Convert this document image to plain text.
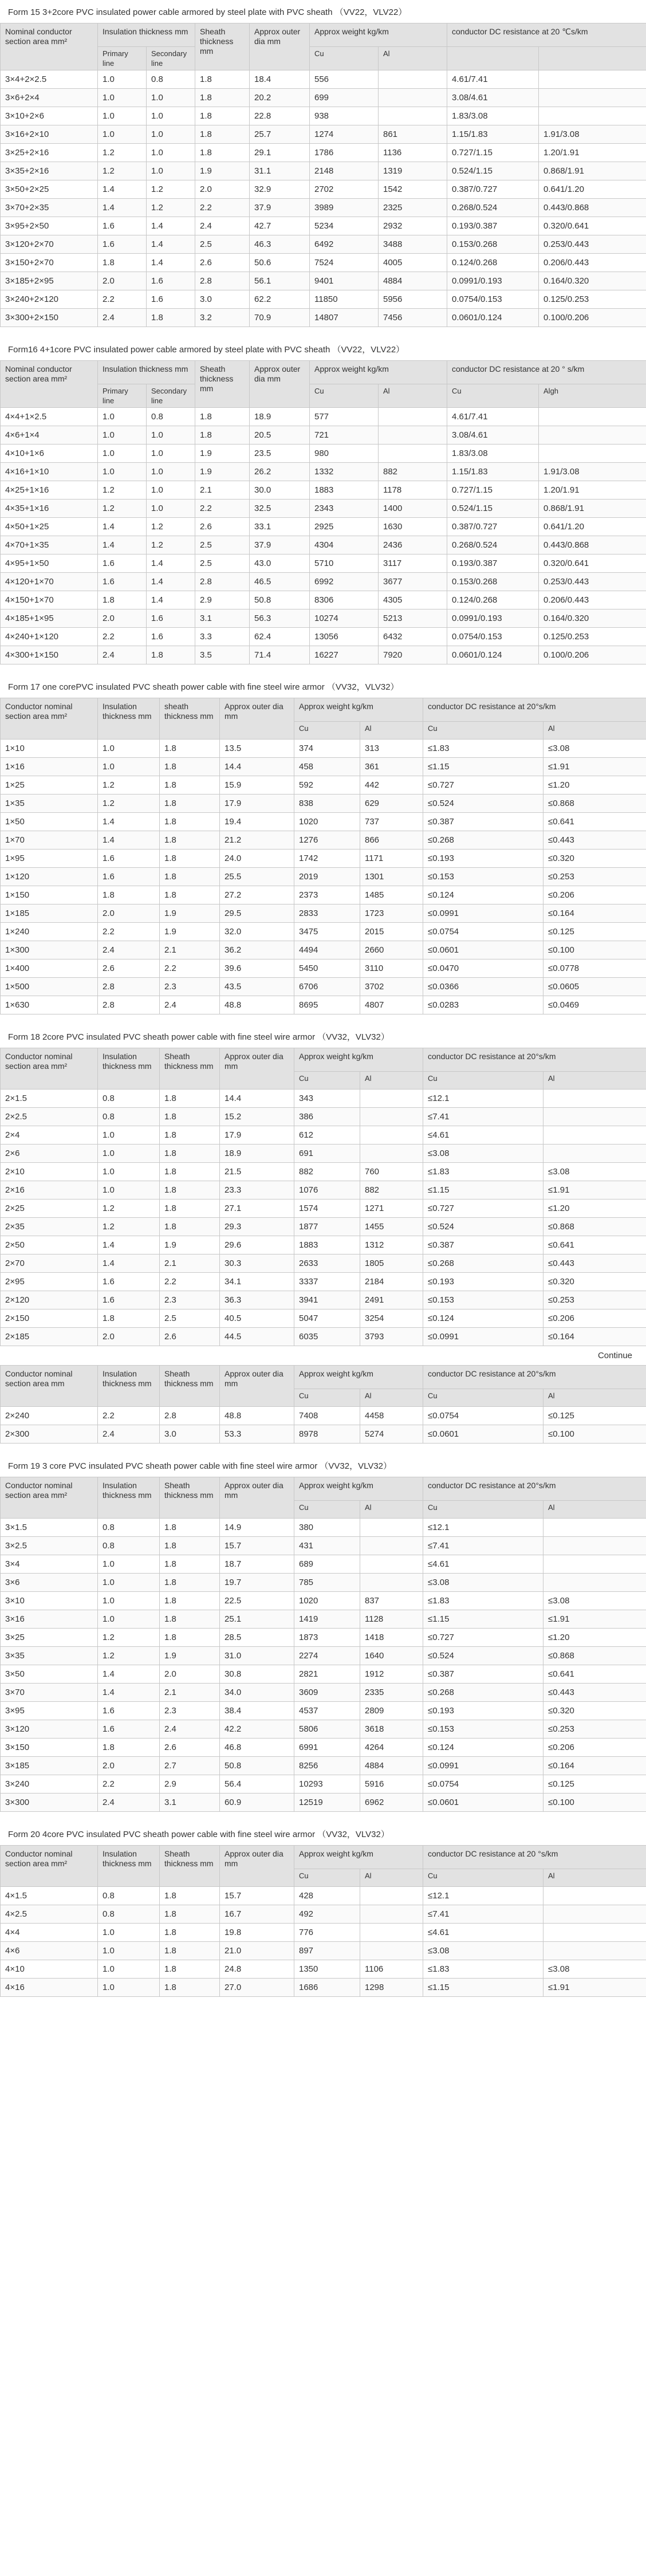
Form 15 3+2core PVC insulated power cable armored by steel plate with PVC sheath （VV22，VLV22）
Nominal conductor section area mm²	Insulation thickness mm		Sheath thickness mm	Approx outer dia mm	Approx weight kg/km		conductor DC resistance at 20 ℃s/km	
	Primary line	Secondary line			Cu	Al		
3×4+2×2.5	1.0	0.8	1.8	18.4	556		4.61/7.41	
3×6+2×4	1.0	1.0	1.8	20.2	699		3.08/4.61	
3×10+2×6	1.0	1.0	1.8	22.8	938		1.83/3.08	
3×16+2×10	1.0	1.0	1.8	25.7	1274	861	1.15/1.83	1.91/3.08
3×25+2×16	1.2	1.0	1.8	29.1	1786	1136	0.727/1.15	1.20/1.91
3×35+2×16	1.2	1.0	1.9	31.1	2148	1319	0.524/1.15	0.868/1.91
3×50+2×25	1.4	1.2	2.0	32.9	2702	1542	0.387/0.727	0.641/1.20
3×70+2×35	1.4	1.2	2.2	37.9	3989	2325	0.268/0.524	0.443/0.868
3×95+2×50	1.6	1.4	2.4	42.7	5234	2932	0.193/0.387	0.320/0.641
3×120+2×70	1.6	1.4	2.5	46.3	6492	3488	0.153/0.268	0.253/0.443
3×150+2×70	1.8	1.4	2.6	50.6	7524	4005	0.124/0.268	0.206/0.443
3×185+2×95	2.0	1.6	2.8	56.1	9401	4884	0.0991/0.193	0.164/0.320
3×240+2×120	2.2	1.6	3.0	62.2	11850	5956	0.0754/0.153	0.125/0.253
3×300+2×150	2.4	1.8	3.2	70.9	14807	7456	0.0601/0.124	0.100/0.206
Form16 4+1core PVC insulated power cable armored by steel plate with PVC sheath （VV22，VLV22）
Nominal conductor section area mm²	Insulation thickness mm		Sheath thickness mm	Approx outer dia mm	Approx weight kg/km		conductor DC resistance at 20 ° s/km	
	Primary line	Secondary line			Cu	Al	Cu	Algh
4×4+1×2.5	1.0	0.8	1.8	18.9	577		4.61/7.41	
4×6+1×4	1.0	1.0	1.8	20.5	721		3.08/4.61	
4×10+1×6	1.0	1.0	1.9	23.5	980		1.83/3.08	
4×16+1×10	1.0	1.0	1.9	26.2	1332	882	1.15/1.83	1.91/3.08
4×25+1×16	1.2	1.0	2.1	30.0	1883	1178	0.727/1.15	1.20/1.91
4×35+1×16	1.2	1.0	2.2	32.5	2343	1400	0.524/1.15	0.868/1.91
4×50+1×25	1.4	1.2	2.6	33.1	2925	1630	0.387/0.727	0.641/1.20
4×70+1×35	1.4	1.2	2.5	37.9	4304	2436	0.268/0.524	0.443/0.868
4×95+1×50	1.6	1.4	2.5	43.0	5710	3117	0.193/0.387	0.320/0.641
4×120+1×70	1.6	1.4	2.8	46.5	6992	3677	0.153/0.268	0.253/0.443
4×150+1×70	1.8	1.4	2.9	50.8	8306	4305	0.124/0.268	0.206/0.443
4×185+1×95	2.0	1.6	3.1	56.3	10274	5213	0.0991/0.193	0.164/0.320
4×240+1×120	2.2	1.6	3.3	62.4	13056	6432	0.0754/0.153	0.125/0.253
4×300+1×150	2.4	1.8	3.5	71.4	16227	7920	0.0601/0.124	0.100/0.206
Form 17 one corePVC insulated PVC sheath power cable with fine steel wire armor （VV32，VLV32）
Conductor nominal section area mm²	Insulation thickness mm	sheath thickness mm	Approx outer dia mm	Approx weight kg/km		conductor DC resistance at 20°s/km	
				Cu	Al	Cu	Al
1×10	1.0	1.8	13.5	374	313	≤1.83	≤3.08
1×16	1.0	1.8	14.4	458	361	≤1.15	≤1.91
1×25	1.2	1.8	15.9	592	442	≤0.727	≤1.20
1×35	1.2	1.8	17.9	838	629	≤0.524	≤0.868
1×50	1.4	1.8	19.4	1020	737	≤0.387	≤0.641
1×70	1.4	1.8	21.2	1276	866	≤0.268	≤0.443
1×95	1.6	1.8	24.0	1742	1171	≤0.193	≤0.320
1×120	1.6	1.8	25.5	2019	1301	≤0.153	≤0.253
1×150	1.8	1.8	27.2	2373	1485	≤0.124	≤0.206
1×185	2.0	1.9	29.5	2833	1723	≤0.0991	≤0.164
1×240	2.2	1.9	32.0	3475	2015	≤0.0754	≤0.125
1×300	2.4	2.1	36.2	4494	2660	≤0.0601	≤0.100
1×400	2.6	2.2	39.6	5450	3110	≤0.0470	≤0.0778
1×500	2.8	2.3	43.5	6706	3702	≤0.0366	≤0.0605
1×630	2.8	2.4	48.8	8695	4807	≤0.0283	≤0.0469
Form 18 2core PVC insulated PVC sheath power cable with fine steel wire armor （VV32，VLV32）
Conductor nominal section area mm²	Insulation thickness mm	Sheath thickness mm	Approx outer dia mm	Approx weight kg/km		conductor DC resistance at 20°s/km	
				Cu	Al	Cu	Al
2×1.5	0.8	1.8	14.4	343		≤12.1	
2×2.5	0.8	1.8	15.2	386		≤7.41	
2×4	1.0	1.8	17.9	612		≤4.61	
2×6	1.0	1.8	18.9	691		≤3.08	
2×10	1.0	1.8	21.5	882	760	≤1.83	≤3.08
2×16	1.0	1.8	23.3	1076	882	≤1.15	≤1.91
2×25	1.2	1.8	27.1	1574	1271	≤0.727	≤1.20
2×35	1.2	1.8	29.3	1877	1455	≤0.524	≤0.868
2×50	1.4	1.9	29.6	1883	1312	≤0.387	≤0.641
2×70	1.4	2.1	30.3	2633	1805	≤0.268	≤0.443
2×95	1.6	2.2	34.1	3337	2184	≤0.193	≤0.320
2×120	1.6	2.3	36.3	3941	2491	≤0.153	≤0.253
2×150	1.8	2.5	40.5	5047	3254	≤0.124	≤0.206
2×185	2.0	2.6	44.5	6035	3793	≤0.0991	≤0.164
Continue
Conductor nominal section area mm	Insulation thickness mm	Sheath thickness mm	Approx outer dia mm	Approx weight kg/km		conductor DC resistance at 20°s/km	
				Cu	Al	Cu	Al
2×240	2.2	2.8	48.8	7408	4458	≤0.0754	≤0.125
2×300	2.4	3.0	53.3	8978	5274	≤0.0601	≤0.100
Form 19 3 core PVC insulated PVC sheath power cable with fine steel wire armor （VV32，VLV32）
Conductor nominal section area mm²	Insulation thickness mm	Sheath thickness mm	Approx outer dia mm	Approx weight kg/km		conductor DC resistance at 20°s/km	
				Cu	Al	Cu	Al
3×1.5	0.8	1.8	14.9	380		≤12.1	
3×2.5	0.8	1.8	15.7	431		≤7.41	
3×4	1.0	1.8	18.7	689		≤4.61	
3×6	1.0	1.8	19.7	785		≤3.08	
3×10	1.0	1.8	22.5	1020	837	≤1.83	≤3.08
3×16	1.0	1.8	25.1	1419	1128	≤1.15	≤1.91
3×25	1.2	1.8	28.5	1873	1418	≤0.727	≤1.20
3×35	1.2	1.9	31.0	2274	1640	≤0.524	≤0.868
3×50	1.4	2.0	30.8	2821	1912	≤0.387	≤0.641
3×70	1.4	2.1	34.0	3609	2335	≤0.268	≤0.443
3×95	1.6	2.3	38.4	4537	2809	≤0.193	≤0.320
3×120	1.6	2.4	42.2	5806	3618	≤0.153	≤0.253
3×150	1.8	2.6	46.8	6991	4264	≤0.124	≤0.206
3×185	2.0	2.7	50.8	8256	4884	≤0.0991	≤0.164
3×240	2.2	2.9	56.4	10293	5916	≤0.0754	≤0.125
3×300	2.4	3.1	60.9	12519	6962	≤0.0601	≤0.100
Form 20 4core PVC insulated PVC sheath power cable with fine steel wire armor （VV32，VLV32）
Conductor nominal section area mm²	Insulation thickness mm	Sheath thickness mm	Approx outer dia mm	Approx weight kg/km		conductor DC resistance at 20 °s/km	
				Cu	Al	Cu	Al
4×1.5	0.8	1.8	15.7	428		≤12.1	
4×2.5	0.8	1.8	16.7	492		≤7.41	
4×4	1.0	1.8	19.8	776		≤4.61	
4×6	1.0	1.8	21.0	897		≤3.08	
4×10	1.0	1.8	24.8	1350	1106	≤1.83	≤3.08
4×16	1.0	1.8	27.0	1686	1298	≤1.15	≤1.91
